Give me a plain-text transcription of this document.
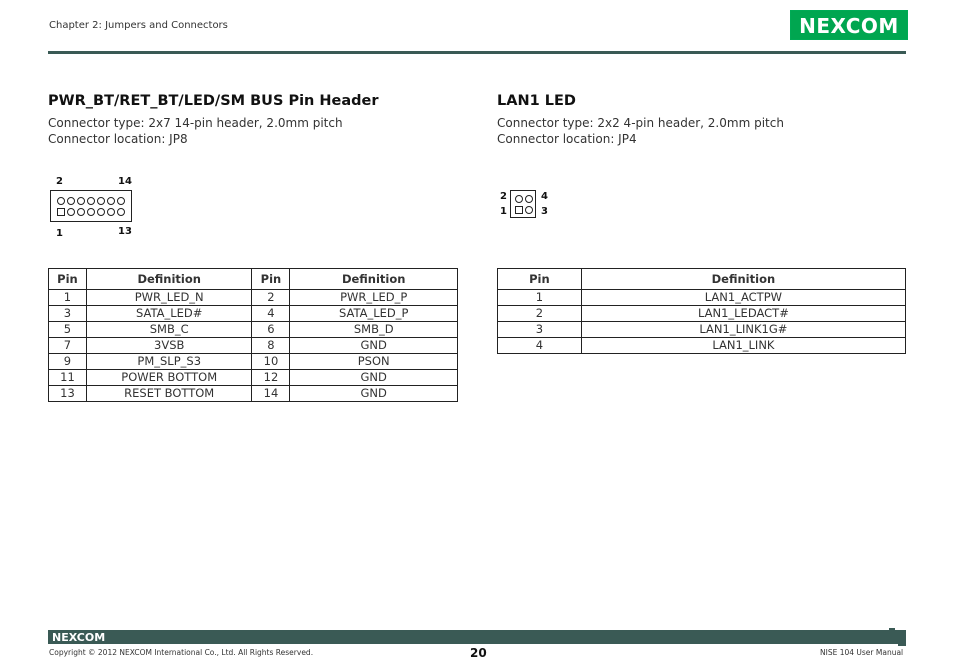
Chapter 2: Jumpers and Connectors	NEXCOM
PWR_BT/RET_BT/LED/SM BUS Pin Header
Connector type: 2x7 14-pin header, 2.0mm pitch
Connector location: JP8
2	14
1	13
Pin	Definition	Pin	Definition
1	PWR_LED_N	2	PWR_LED_P
3	SATA_LED#	4	SATA_LED_P
5	SMB_C	6	SMB_D
7	3VSB	8	GND
9	PM_SLP_S3	10	PSON
11	POWER BOTTOM	12	GND
13	RESET BOTTOM	14	GND
LAN1 LED
Connector type: 2x2 4-pin header, 2.0mm pitch
Connector location: JP4
2
1
4
3
Pin	Definition
1	LAN1_ACTPW
2	LAN1_LEDACT#
3	LAN1_LINK1G#
4	LAN1_LINK
NEXCOM
Copyright © 2012 NEXCOM International Co., Ltd. All Rights Reserved.	20	NISE 104 User Manual
